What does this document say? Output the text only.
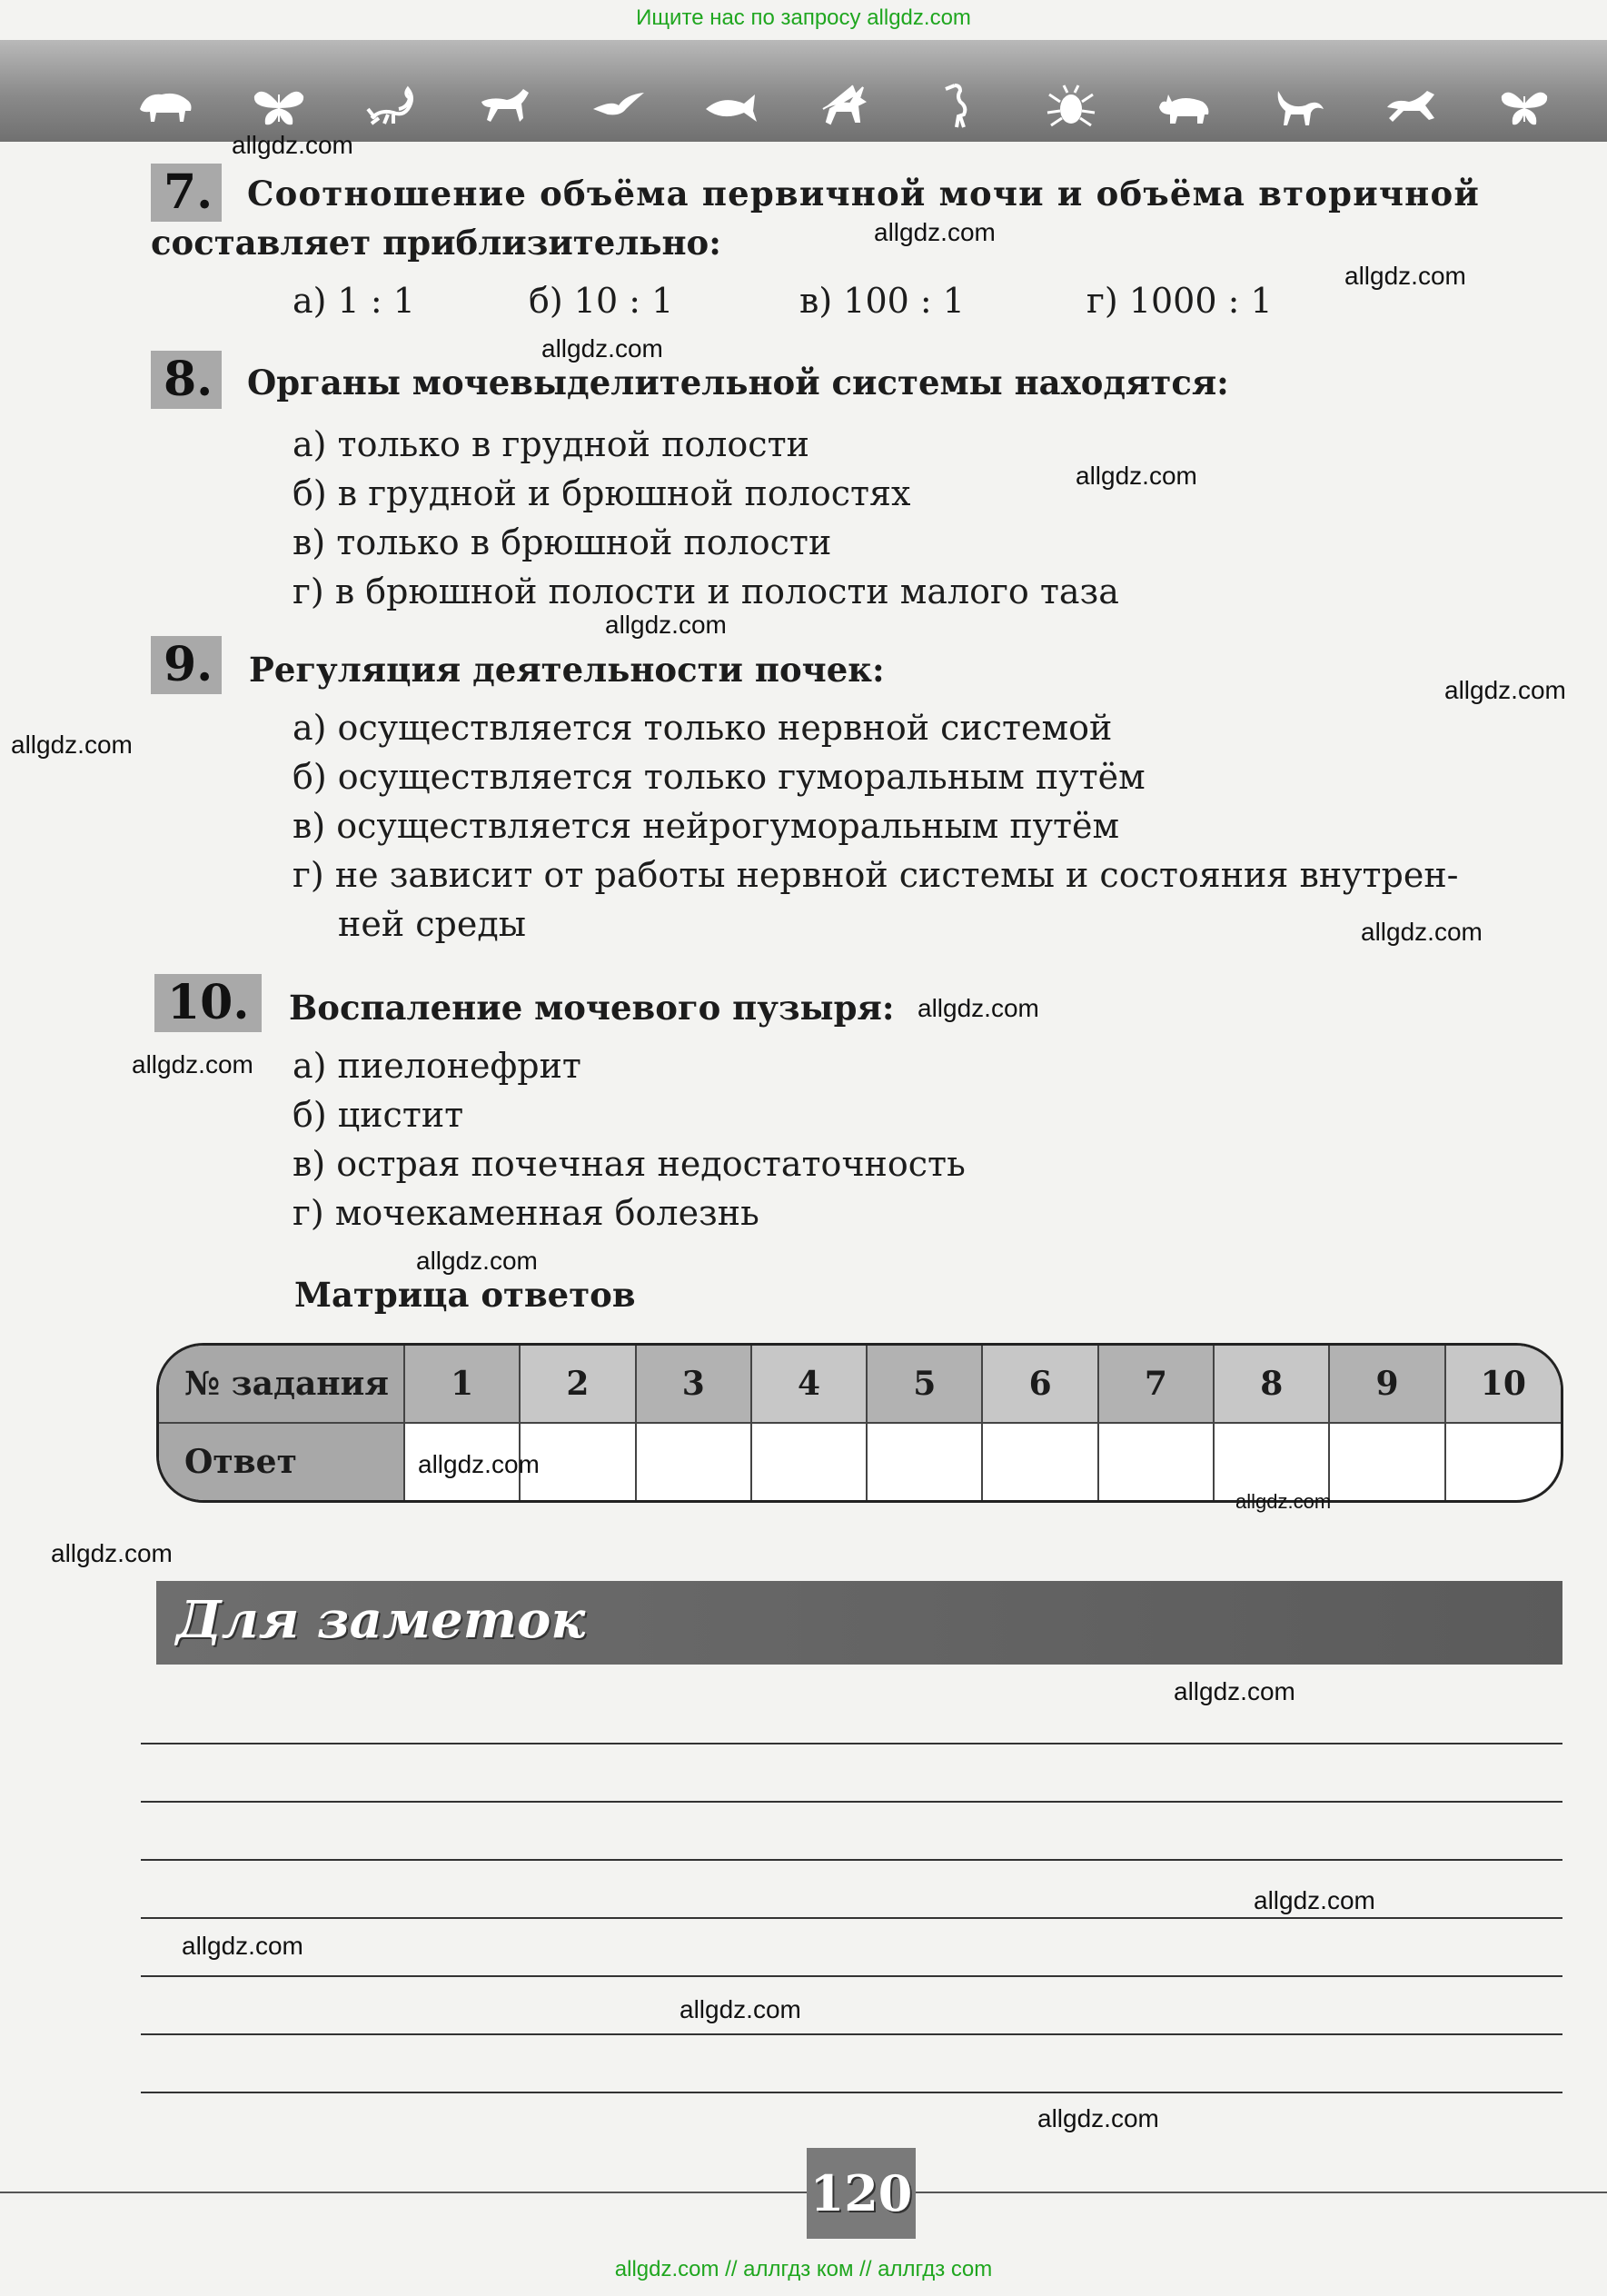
Ищите нас по запросу allgdz.com
7. Соотношение объёма первичной мочи и объёма вторичной
составляет приблизительно:
а) 1 : 1	б) 10 : 1	в) 100 : 1	г) 1000 : 1
8. Органы мочевыделительной системы находятся:
а) только в грудной полости
б) в грудной и брюшной полостях
в) только в брюшной полости
г) в брюшной полости и полости малого таза
9. Регуляция деятельности почек:
а) осуществляется только нервной системой
б) осуществляется только гуморальным путём
в) осуществляется нейрогуморальным путём
г) не зависит от работы нервной системы и состояния внутрен-
ней среды
10.	Воспаление мочевого пузыря:
а) пиелонефрит
б) цистит
в) острая почечная недостаточность
г) мочекаменная болезнь
Матрица ответов
№ задания	1	2	3	4	5	6	7	8	9	10
Ответ										
Для заметок
120
allgdz.com // аллгдз ком // аллгдз com
allgdz.com
allgdz.com
allgdz.com
allgdz.com
allgdz.com
allgdz.com
allgdz.com
allgdz.com
allgdz.com
allgdz.com
allgdz.com
allgdz.com
allgdz.com
allgdz.com
allgdz.com
allgdz.com
allgdz.com
allgdz.com
allgdz.com
allgdz.com
